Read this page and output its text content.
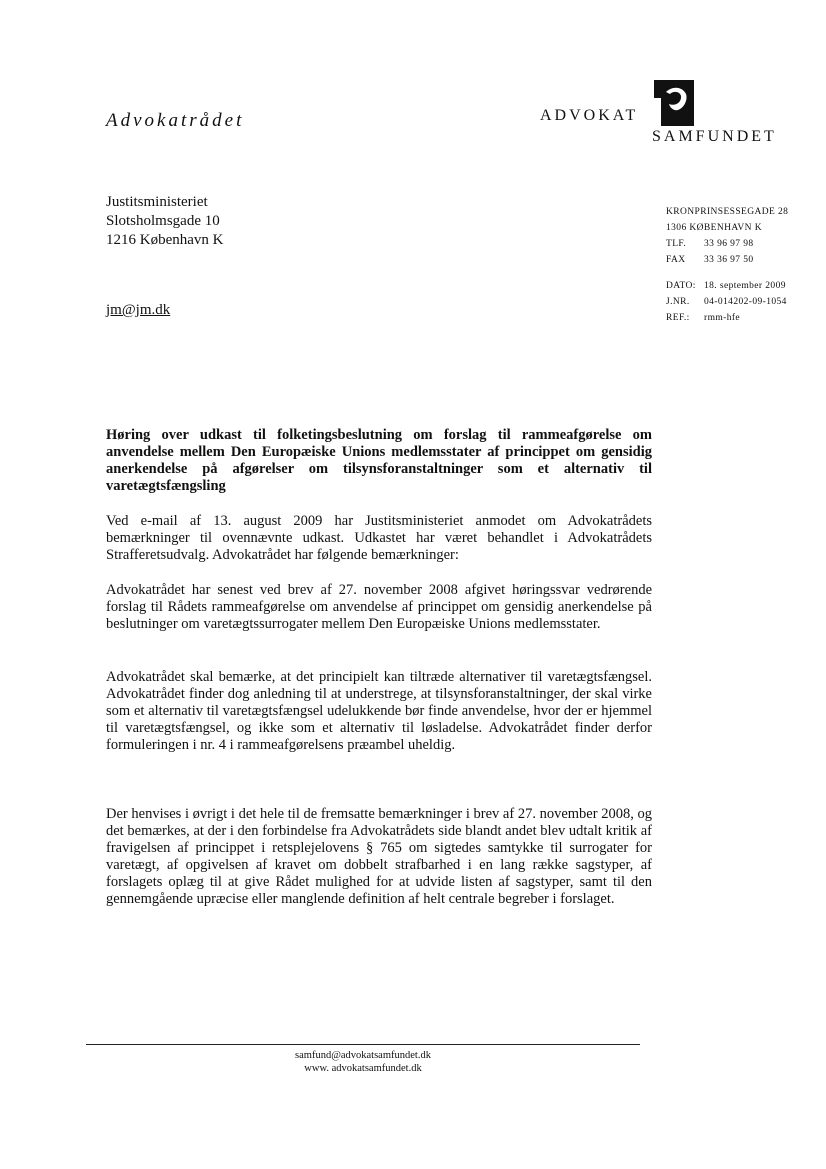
Advokatrådet	ADVOKAT
SAMFUNDET
Justitsministeriet
Slotsholmsgade 10
1216 København K
jm@jm.dk
KRONPRINSESSEGADE 28
1306 KØBENHAVN K
TLF.	33 96 97 98
FAX	33 36 97 50
DATO: 18. september 2009
J.NR.	04-014202-09-1054
REF.:	rmm-hfe
Høring over udkast til folketingsbeslutning om forslag til rammeafgørelse om anvendelse mellem Den Europæiske Unions medlemsstater af princippet om gensidig anerkendelse på afgørelser om tilsynsforanstaltninger som et alternativ til varetægtsfængsling
Ved e-mail af 13. august 2009 har Justitsministeriet anmodet om Advokatrådets bemærkninger til ovennævnte udkast. Udkastet har været behandlet i Advokatrådets Strafferetsudvalg. Advokatrådet har følgende bemærkninger:
Advokatrådet har senest ved brev af 27. november 2008 afgivet høringssvar vedrørende forslag til Rådets rammeafgørelse om anvendelse af princippet om gensidig anerkendelse på beslutninger om varetægtssurrogater mellem Den Europæiske Unions medlemsstater.
Advokatrådet skal bemærke, at det principielt kan tiltræde alternativer til varetægtsfængsel. Advokatrådet finder dog anledning til at understrege, at tilsynsforanstaltninger, der skal virke som et alternativ til varetægtsfængsel udelukkende bør finde anvendelse, hvor der er hjemmel til varetægtsfængsel, og ikke som et alternativ til løsladelse. Advokatrådet finder derfor formuleringen i nr. 4 i rammeafgørelsens præambel uheldig.
Der henvises i øvrigt i det hele til de fremsatte bemærkninger i brev af 27. november 2008, og det bemærkes, at der i den forbindelse fra Advokatrådets side blandt andet blev udtalt kritik af fravigelsen af princippet i retsplejelovens § 765 om sigtedes samtykke til surrogater for varetægt, af opgivelsen af kravet om dobbelt strafbarhed i en lang række sagstyper, af forslagets oplæg til at give Rådet mulighed for at udvide listen af sagstyper, samt til den gennemgående upræcise eller manglende definition af helt centrale begreber i forslaget.
samfund@advokatsamfundet.dk
www. advokatsamfundet.dk
